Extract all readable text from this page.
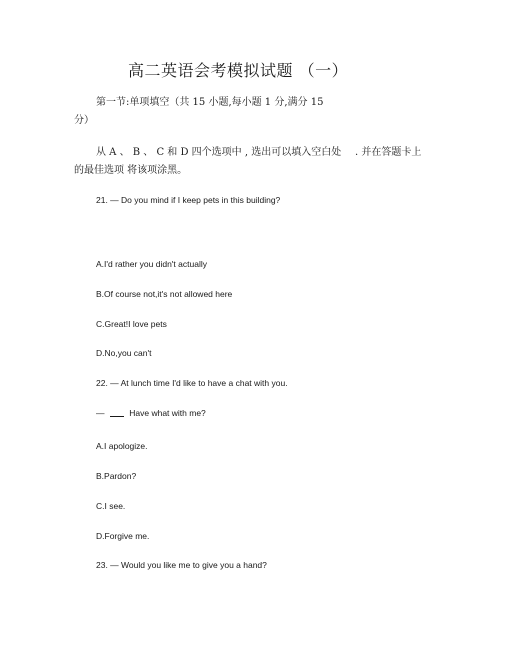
高二英语会考模拟试题 （一）
第一节:单项填空（共 15 小题,每小题 1 分,满分 15
分）
从 A 、 B 、 C 和 D 四个选项中 , 选出可以填入空白处 . 并在答题卡上
的最佳选项 将该项涂黑。
21. — Do you mind if I keep pets in this building?
A.I'd rather you didn't actually
B.Of course not,it's not allowed here
C.Great!I love pets
D.No,you can't
22. — At lunch time I'd like to have a chat with you.
—	Have what with me?
A.I apologize.
B.Pardon?
C.I see.
D.Forgive me.
23. — Would you like me to give you a hand?
